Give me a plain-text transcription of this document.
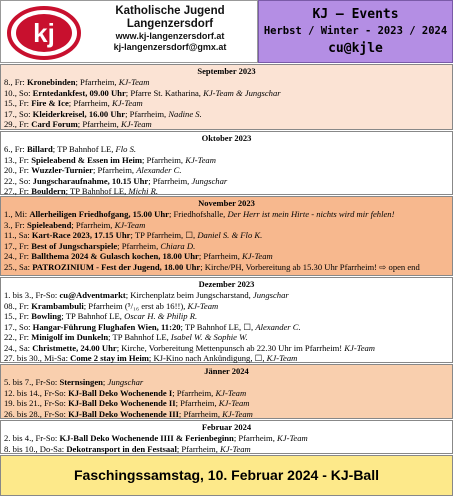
kj
Katholische Jugend
Langenzersdorf
www.kj-langenzersdorf.at
kj-langenzersdorf@gmx.at
KJ – Events
Herbst / Winter - 2023 / 2024
cu@kjle
September 2023
8., Fr: Kronebinden; Pfarrheim, KJ-Team
10., So: Erntedankfest, 09.00 Uhr; Pfarre St. Katharina, KJ-Team & Jungschar
15., Fr: Fire & Ice; Pfarrheim, KJ-Team
17., So: Kleiderkreisel, 16.00 Uhr; Pfarrheim, Nadine S.
29., Fr: Card Forum; Pfarrheim, KJ-Team
Oktober 2023
6., Fr: Billard; TP Bahnhof LE, Flo S.
13., Fr: Spieleabend & Essen im Heim; Pfarrheim, KJ-Team
20., Fr: Wuzzler-Turnier; Pfarrheim, Alexander C.
22., So: Jungscharaufnahme, 10.15 Uhr; Pfarrheim, Jungschar
27., Fr: Bouldern; TP Bahnhof LE, Michi R.
November 2023
1., Mi: Allerheiligen Friedhofgang, 15.00 Uhr; Friedhofshalle, Der Herr ist mein Hirte - nichts wird mir fehlen!
3., Fr: Spieleabend; Pfarrheim, KJ-Team
11., Sa: Kart-Race 2023, 17.15 Uhr; TP Pfarrheim, ☐, Daniel S. & Flo K.
17., Fr: Best of Jungscharspiele; Pfarrheim, Chiara D.
24., Fr: Ballthema 2024 & Gulasch kochen, 18.00 Uhr; Pfarrheim, KJ-Team
25., Sa: PATROZINIUM - Fest der Jugend, 18.00 Uhr; Kirche/PH, Vorbereitung ab 15.30 Uhr Pfarrheim! ⇨ open end
Dezember 2023
1. bis 3., Fr-So: cu@Adventmarkt; Kirchenplatz beim Jungscharstand, Jungschar
08., Fr: Krambambuli; Pfarrheim (⁵/₁₆ erst ab 16!!), KJ-Team
15., Fr: Bowling; TP Bahnhof LE, Oscar H. & Philip R.
17., So: Hangar-Führung Flughafen Wien, 11:20; TP Bahnhof LE, ☐, Alexander C.
22., Fr: Minigolf im Dunkeln; TP Bahnhof LE, Isabel W. & Sophie W.
24., Sa: Christmette, 24.00 Uhr; Kirche, Vorbereitung Mettenpunsch ab 22.30 Uhr im Pfarrheim! KJ-Team
27. bis 30., Mi-Sa: Come 2 stay im Heim; KJ-Kino nach Ankündigung, ☐, KJ-Team
Jänner 2024
5. bis 7., Fr-So: Sternsingen; Jungschar
12. bis 14., Fr-So: KJ-Ball Deko Wochenende I; Pfarrheim, KJ-Team
19. bis 21., Fr-So: KJ-Ball Deko Wochenende II; Pfarrheim, KJ-Team
26. bis 28., Fr-So: KJ-Ball Deko Wochenende III; Pfarrheim, KJ-Team
Februar 2024
2. bis 4., Fr-So: KJ-Ball Deko Wochenende IIII & Ferienbeginn; Pfarrheim, KJ-Team
8. bis 10., Do-Sa: Dekotransport in den Festsaal; Pfarrheim, KJ-Team
Faschingssamstag, 10. Februar 2024 - KJ-Ball
